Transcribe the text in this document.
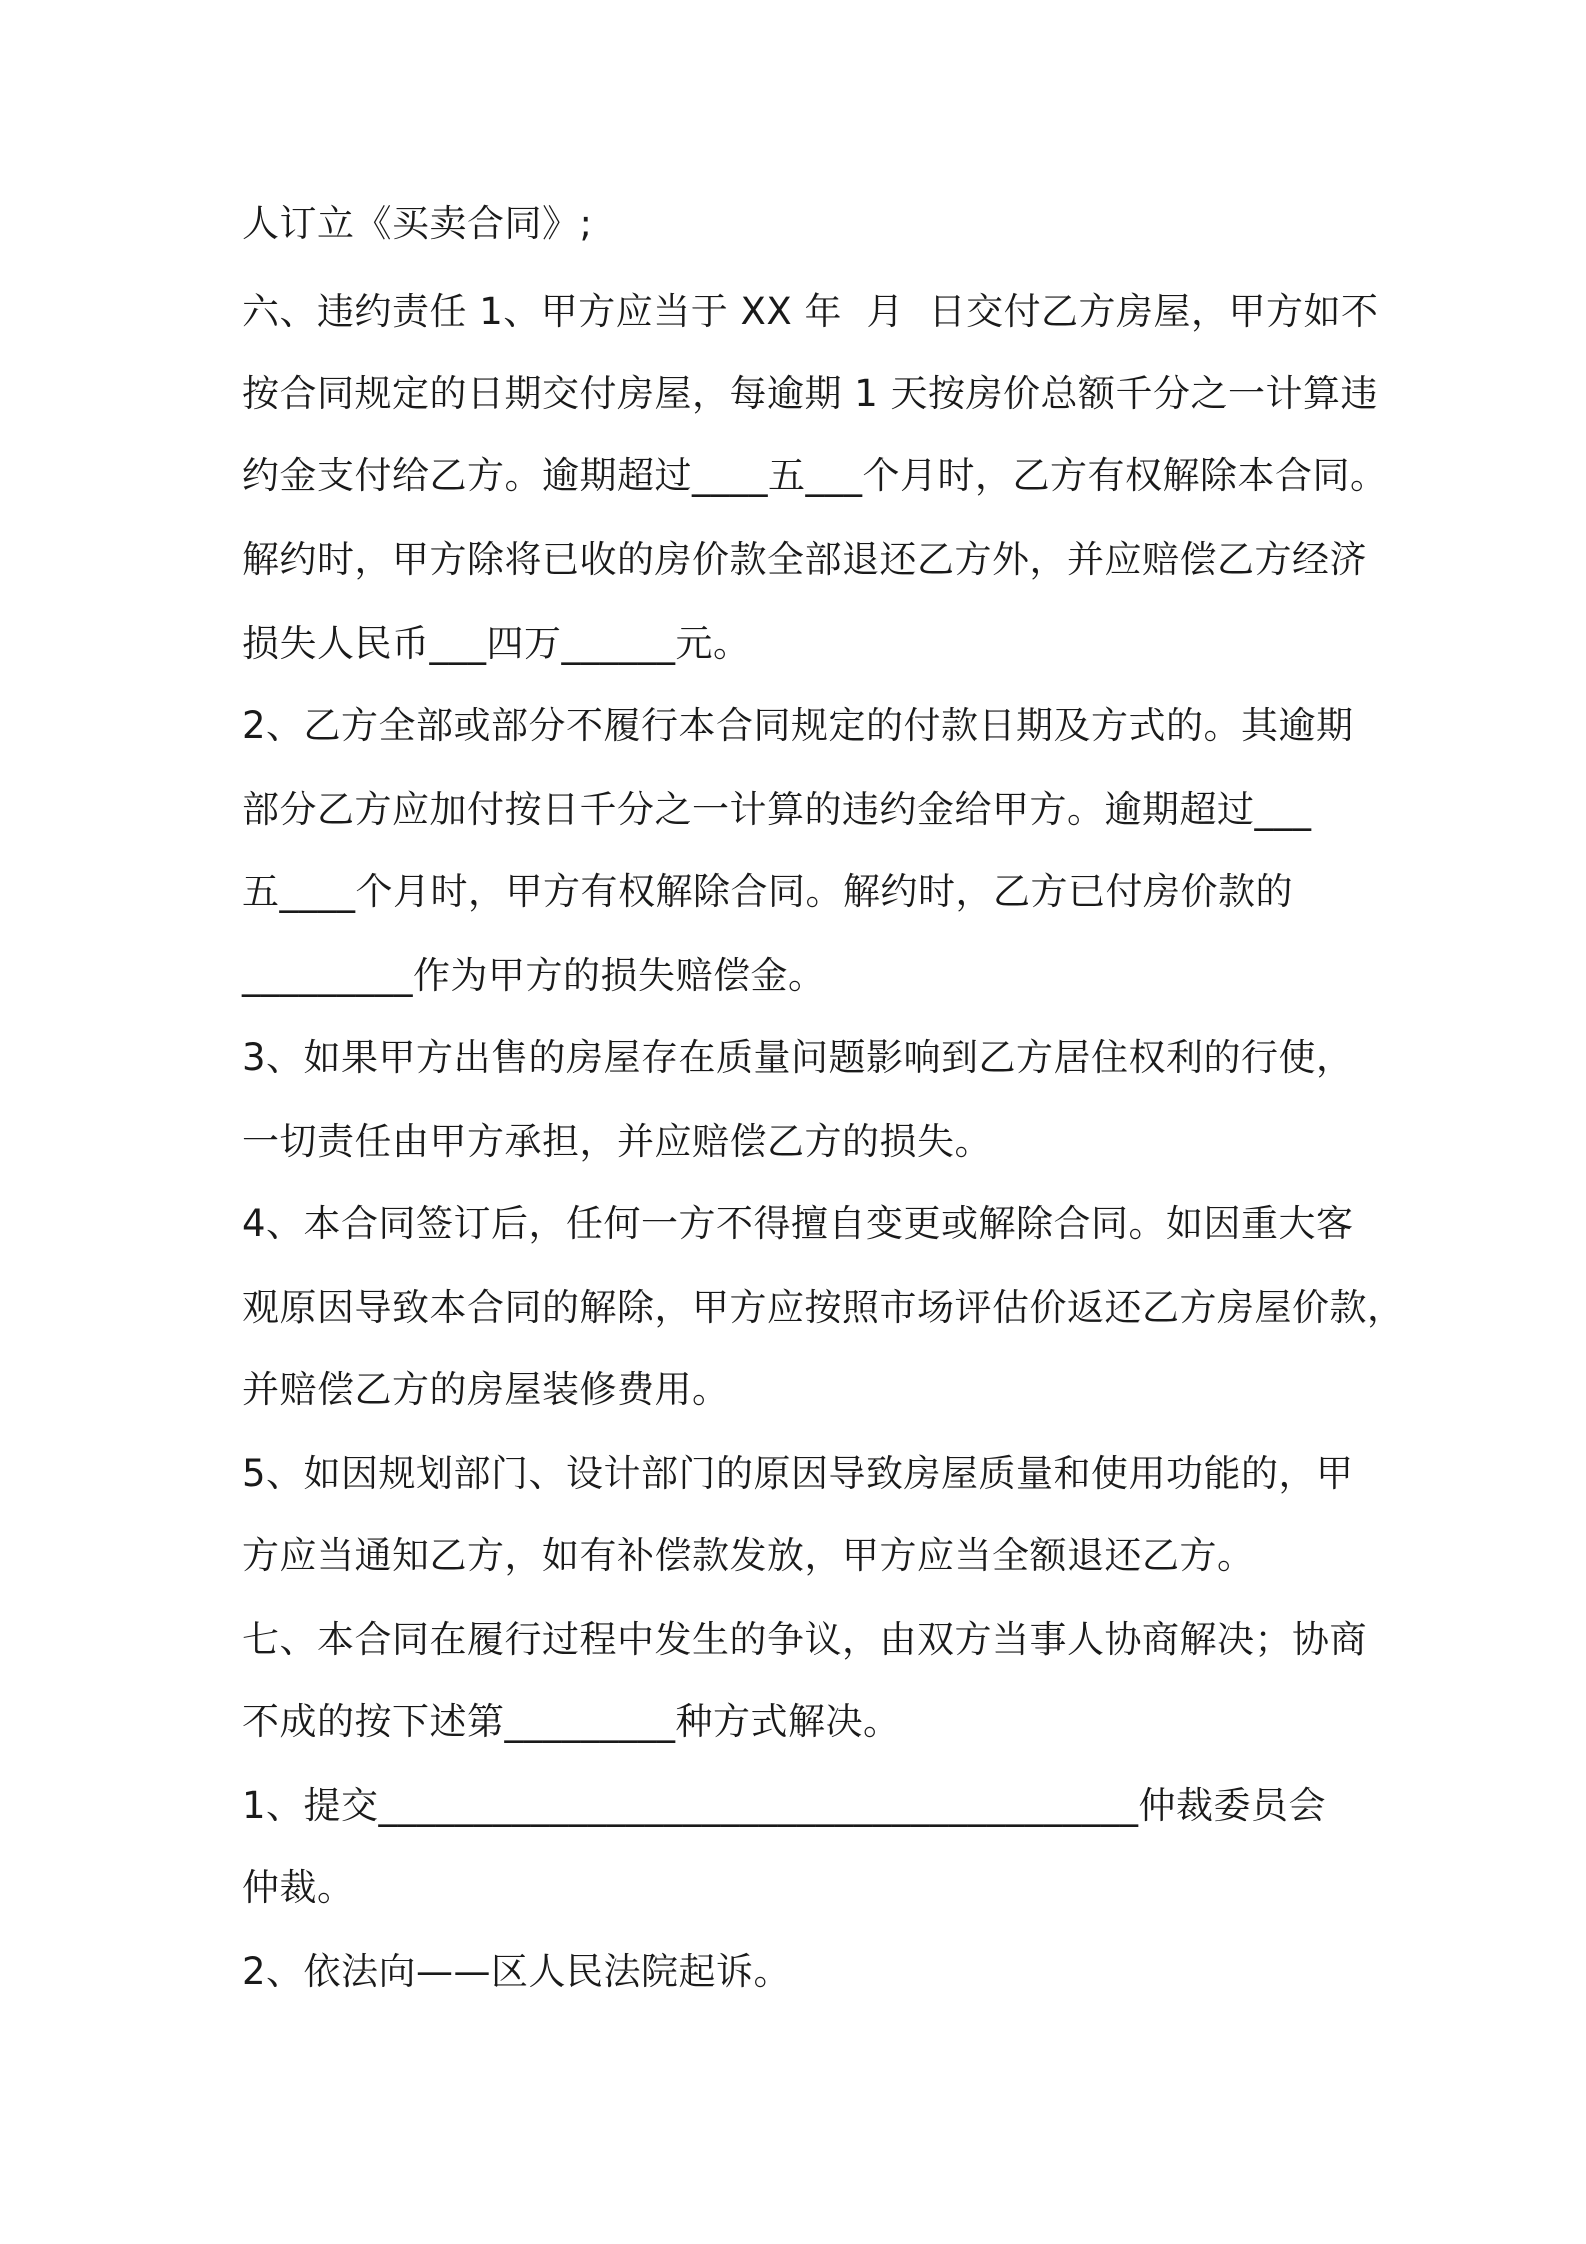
人订立《买卖合同》;
六、违约责任 1、甲方应当于 XX 年  月  日交付乙方房屋，甲方如不
按合同规定的日期交付房屋，每逾期 1 天按房价总额千分之一计算违
约金支付给乙方。逾期超过____五___个月时，乙方有权解除本合同。
解约时，甲方除将已收的房价款全部退还乙方外，并应赔偿乙方经济
损失人民币___四万______元。
2、乙方全部或部分不履行本合同规定的付款日期及方式的。其逾期
部分乙方应加付按日千分之一计算的违约金给甲方。逾期超过___
五____个月时，甲方有权解除合同。解约时，乙方已付房价款的
_________作为甲方的损失赔偿金。
3、如果甲方出售的房屋存在质量问题影响到乙方居住权利的行使，
一切责任由甲方承担，并应赔偿乙方的损失。
4、本合同签订后，任何一方不得擅自变更或解除合同。如因重大客
观原因导致本合同的解除，甲方应按照市场评估价返还乙方房屋价款，
并赔偿乙方的房屋装修费用。
5、如因规划部门、设计部门的原因导致房屋质量和使用功能的，甲
方应当通知乙方，如有补偿款发放，甲方应当全额退还乙方。
七、本合同在履行过程中发生的争议，由双方当事人协商解决；协商
不成的按下述第_________种方式解决。
1、提交________________________________________仲裁委员会
仲裁。
2、依法向——区人民法院起诉。
